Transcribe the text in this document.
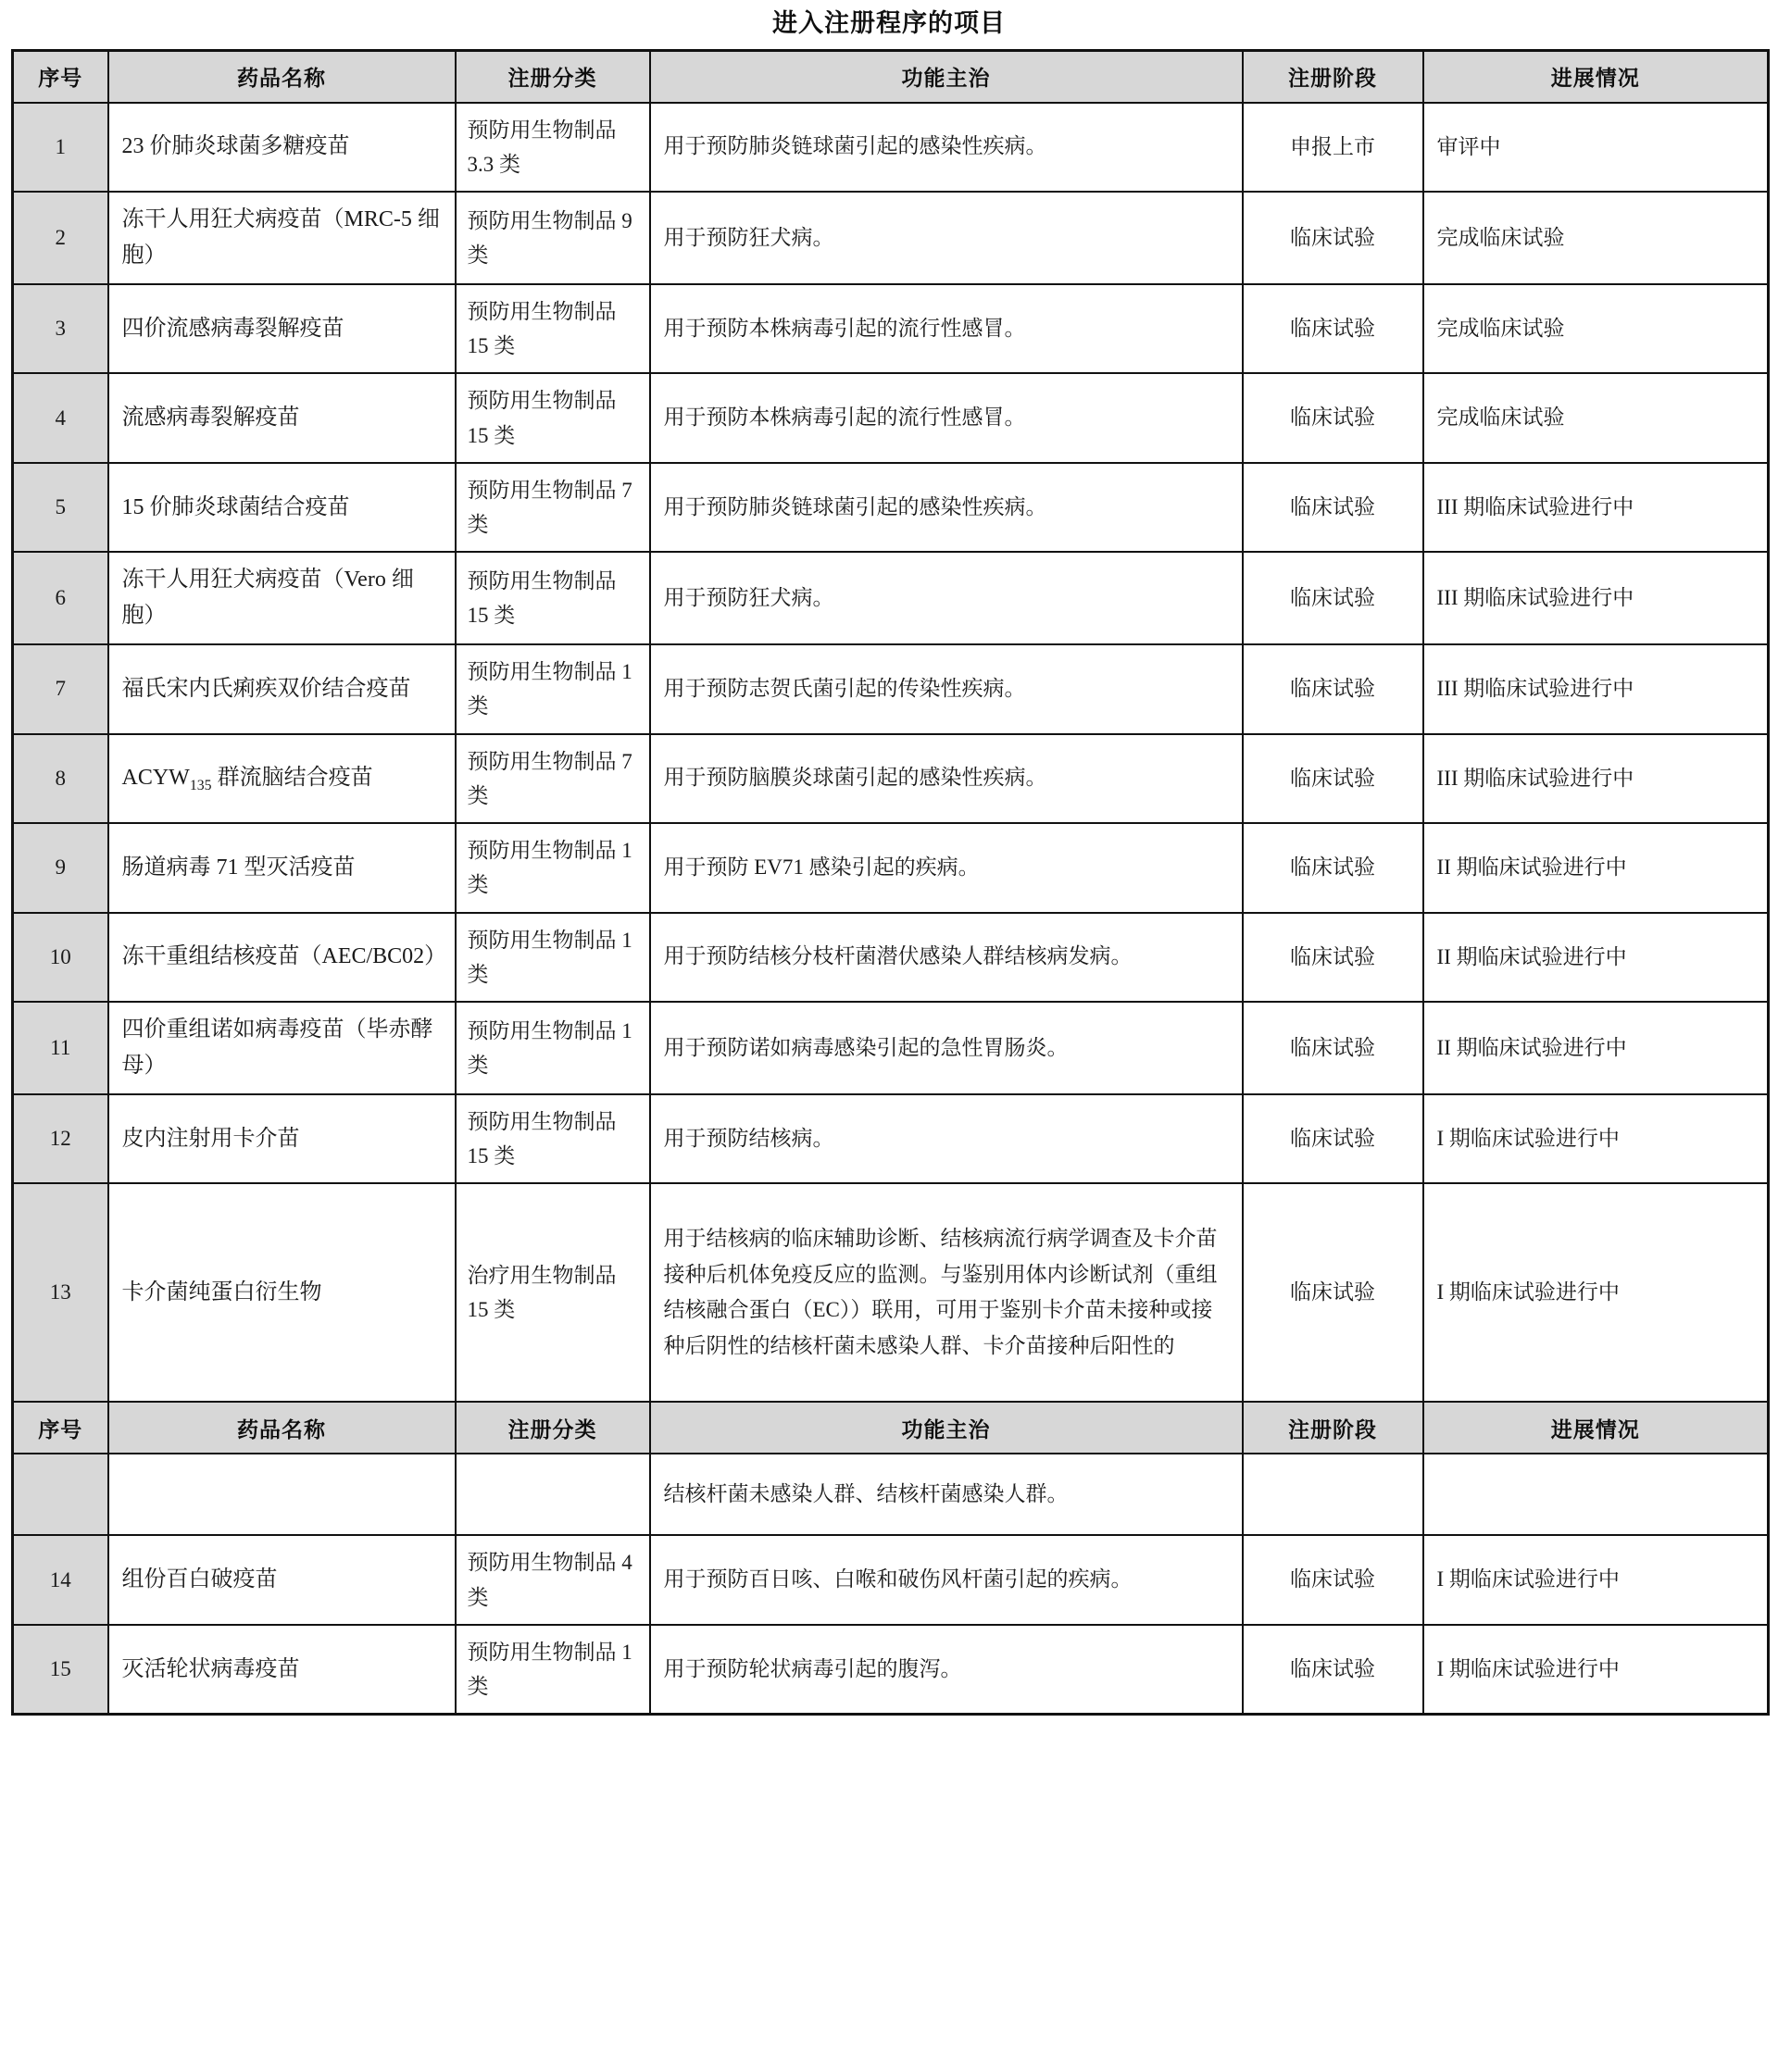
进入注册程序的项目
序号	药品名称	注册分类	功能主治	注册阶段	进展情况
1	23 价肺炎球菌多糖疫苗	预防用生物制品 3.3 类	用于预防肺炎链球菌引起的感染性疾病。	申报上市	审评中
2	冻干人用狂犬病疫苗（MRC-5 细胞）	预防用生物制品 9 类	用于预防狂犬病。	临床试验	完成临床试验
3	四价流感病毒裂解疫苗	预防用生物制品 15 类	用于预防本株病毒引起的流行性感冒。	临床试验	完成临床试验
4	流感病毒裂解疫苗	预防用生物制品 15 类	用于预防本株病毒引起的流行性感冒。	临床试验	完成临床试验
5	15 价肺炎球菌结合疫苗	预防用生物制品 7 类	用于预防肺炎链球菌引起的感染性疾病。	临床试验	III 期临床试验进行中
6	冻干人用狂犬病疫苗（Vero 细胞）	预防用生物制品 15 类	用于预防狂犬病。	临床试验	III 期临床试验进行中
7	福氏宋内氏痢疾双价结合疫苗	预防用生物制品 1 类	用于预防志贺氏菌引起的传染性疾病。	临床试验	III 期临床试验进行中
8	$ACYW_{135}$ 群流脑结合疫苗	预防用生物制品 7 类	用于预防脑膜炎球菌引起的感染性疾病。	临床试验	III 期临床试验进行中
9	肠道病毒 71 型灭活疫苗	预防用生物制品 1 类	用于预防 EV71 感染引起的疾病。	临床试验	II 期临床试验进行中
10	冻干重组结核疫苗（AEC/BC02）	预防用生物制品 1 类	用于预防结核分枝杆菌潜伏感染人群结核病发病。	临床试验	II 期临床试验进行中
11	四价重组诺如病毒疫苗（毕赤酵母）	预防用生物制品 1 类	用于预防诺如病毒感染引起的急性胃肠炎。	临床试验	II 期临床试验进行中
12	皮内注射用卡介苗	预防用生物制品 15 类	用于预防结核病。	临床试验	I 期临床试验进行中
13	卡介菌纯蛋白衍生物	治疗用生物制品 15 类	用于结核病的临床辅助诊断、结核病流行病学调查及卡介苗接种后机体免疫反应的监测。与鉴别用体内诊断试剂（重组结核融合蛋白（EC））联用，可用于鉴别卡介苗未接种或接种后阴性的结核杆菌未感染人群、卡介苗接种后阳性的	临床试验	I 期临床试验进行中
序号	药品名称	注册分类	功能主治	注册阶段	进展情况
			结核杆菌未感染人群、结核杆菌感染人群。		
14	组份百白破疫苗	预防用生物制品 4 类	用于预防百日咳、白喉和破伤风杆菌引起的疾病。	临床试验	I 期临床试验进行中
15	灭活轮状病毒疫苗	预防用生物制品 1 类	用于预防轮状病毒引起的腹泻。	临床试验	I 期临床试验进行中
